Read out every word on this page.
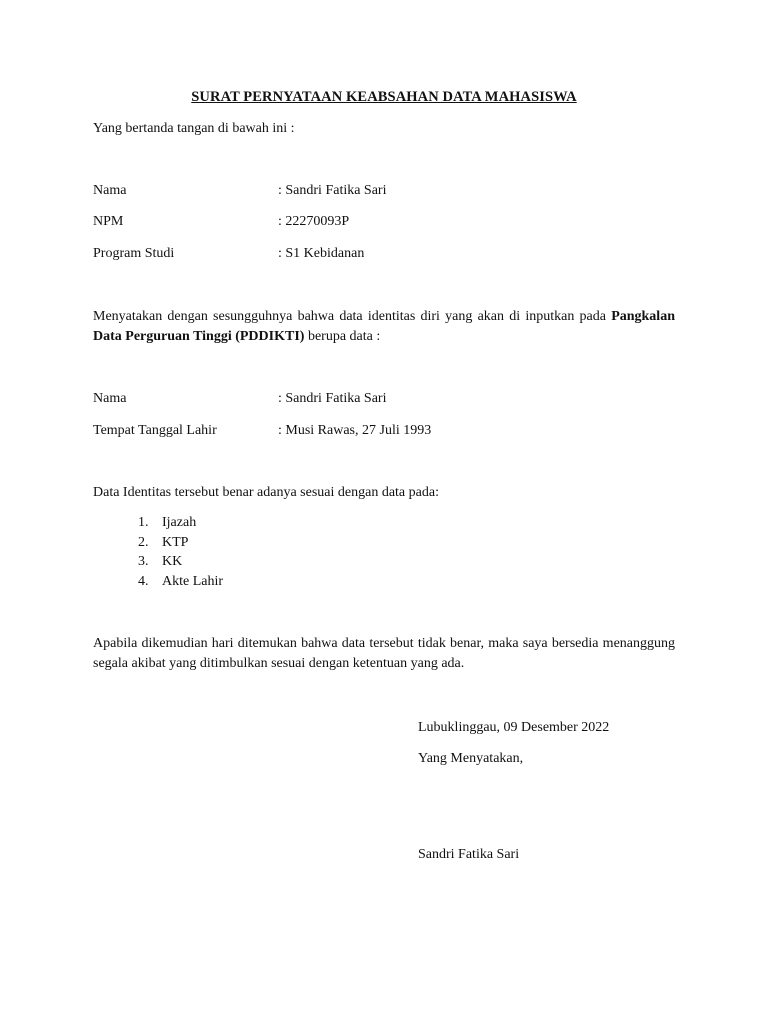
SURAT PERNYATAAN KEABSAHAN DATA MAHASISWA
Yang bertanda tangan di bawah ini :
Nama	: Sandri Fatika Sari
NPM	: 22270093P
Program Studi	: S1 Kebidanan
Menyatakan dengan sesungguhnya bahwa data identitas diri yang akan di inputkan pada Pangkalan Data Perguruan Tinggi (PDDIKTI) berupa data :
Nama	: Sandri Fatika Sari
Tempat Tanggal Lahir	: Musi Rawas, 27 Juli 1993
Data Identitas tersebut benar adanya sesuai dengan data pada:
1. Ijazah
2. KTP
3. KK
4. Akte Lahir
Apabila dikemudian hari ditemukan bahwa data tersebut tidak benar, maka saya bersedia menanggung segala akibat yang ditimbulkan sesuai dengan ketentuan yang ada.
Lubuklinggau, 09 Desember 2022
Yang Menyatakan,
Sandri Fatika Sari
